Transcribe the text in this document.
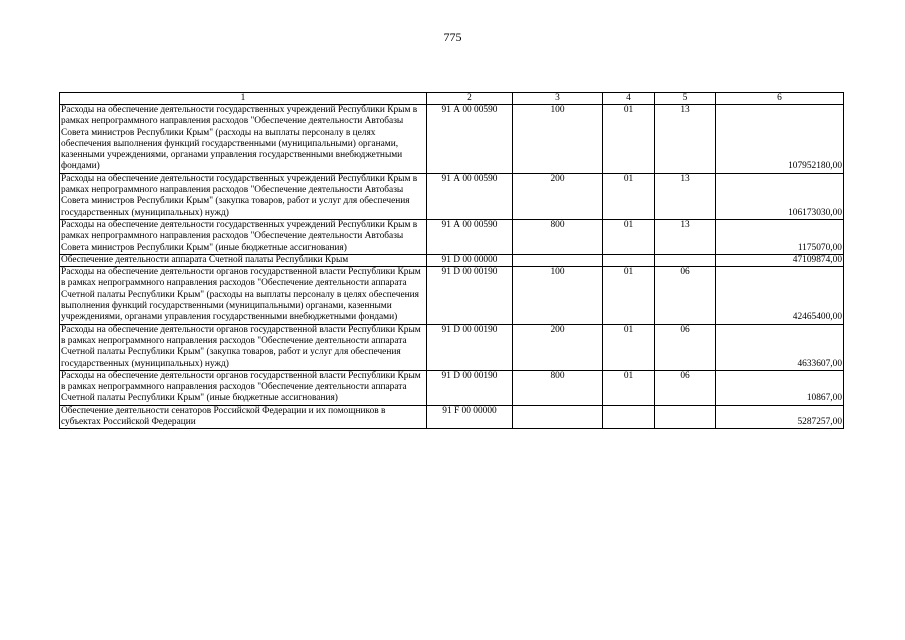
775
1	2	3	4	5	6
Расходы на обеспечение деятельности государственных учреждений Республики Крым в рамках непрограммного направления расходов "Обеспечение деятельности Автобазы Совета министров Республики Крым" (расходы на выплаты персоналу в целях обеспечения выполнения функций государственными (муниципальными) органами, казенными учреждениями, органами управления государственными внебюджетными фондами)	91 А 00 00590	100	01	13	107952180,00
Расходы на обеспечение деятельности государственных учреждений Республики Крым в рамках непрограммного направления расходов "Обеспечение деятельности Автобазы Совета министров Республики Крым" (закупка товаров, работ и услуг для обеспечения государственных (муниципальных) нужд)	91 А 00 00590	200	01	13	106173030,00
Расходы на обеспечение деятельности государственных учреждений Республики Крым в рамках непрограммного направления расходов "Обеспечение деятельности Автобазы Совета министров Республики Крым" (иные бюджетные ассигнования)	91 А 00 00590	800	01	13	1175070,00
Обеспечение деятельности аппарата Счетной палаты Республики Крым	91 D 00 00000				47109874,00
Расходы на обеспечение деятельности органов государственной власти Республики Крым в рамках непрограммного направления расходов "Обеспечение деятельности аппарата Счетной палаты Республики Крым" (расходы на выплаты персоналу в целях обеспечения выполнения функций государственными (муниципальными) органами, казенными учреждениями, органами управления государственными внебюджетными фондами)	91 D 00 00190	100	01	06	42465400,00
Расходы на обеспечение деятельности органов государственной власти Республики Крым в рамках непрограммного направления расходов "Обеспечение деятельности аппарата Счетной палаты Республики Крым" (закупка товаров, работ и услуг для обеспечения государственных (муниципальных) нужд)	91 D 00 00190	200	01	06	4633607,00
Расходы на обеспечение деятельности органов государственной власти Республики Крым в рамках непрограммного направления расходов "Обеспечение деятельности аппарата Счетной палаты Республики Крым" (иные бюджетные ассигнования)	91 D 00 00190	800	01	06	10867,00
Обеспечение деятельности сенаторов Российской Федерации и их помощников в субъектах Российской Федерации	91 F 00 00000				5287257,00
